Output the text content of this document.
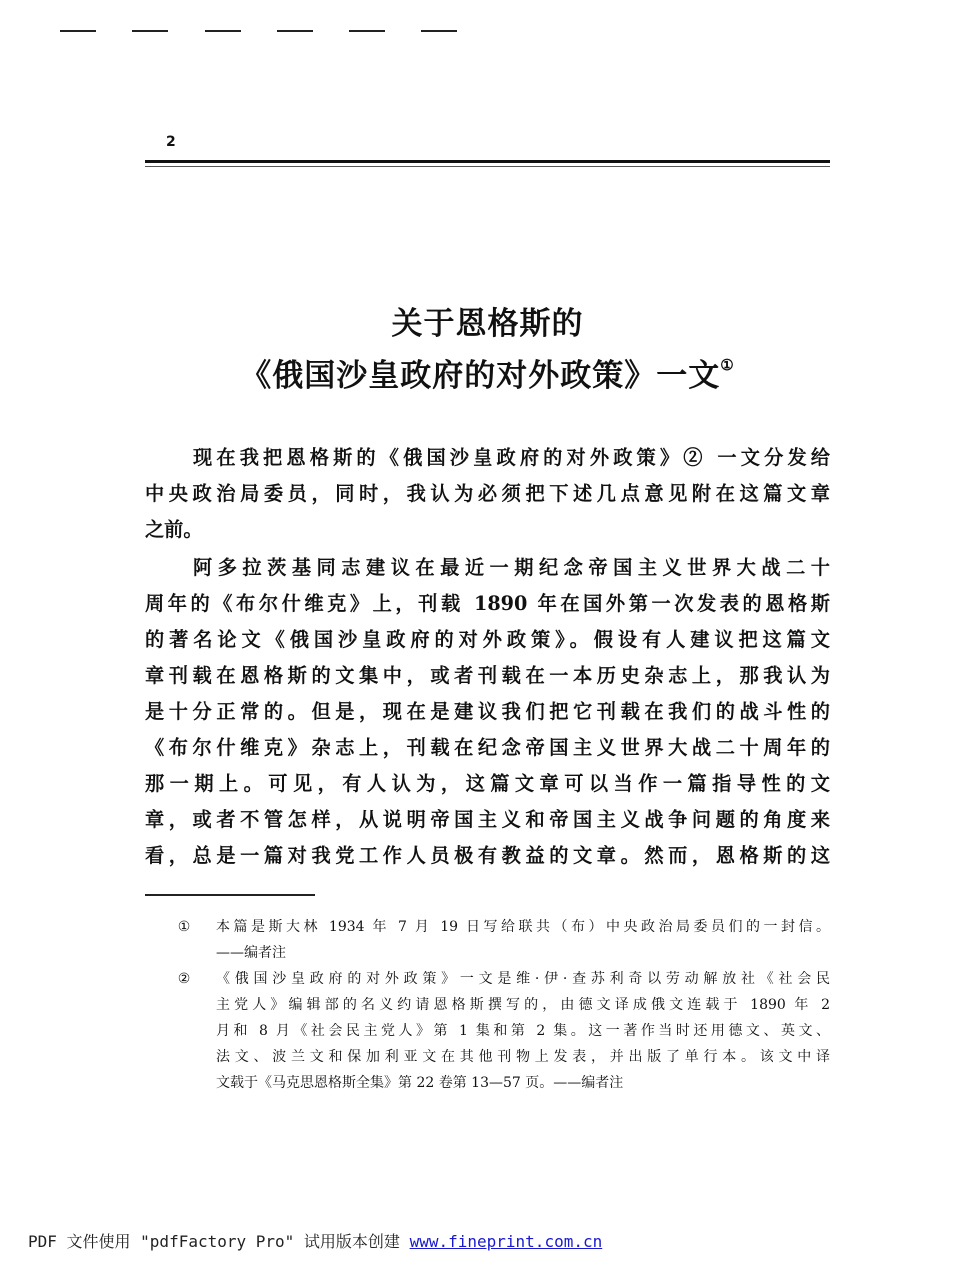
2
关于恩格斯的
《俄国沙皇政府的对外政策》一文①
现在我把恩格斯的《俄国沙皇政府的对外政策》② 一文分发给
中央政治局委员，同时，我认为必须把下述几点意见附在这篇文章
之前。
阿多拉茨基同志建议在最近一期纪念帝国主义世界大战二十
周年的《布尔什维克》上，刊载 1890 年在国外第一次发表的恩格斯
的著名论文《俄国沙皇政府的对外政策》。假设有人建议把这篇文
章刊载在恩格斯的文集中，或者刊载在一本历史杂志上，那我认为
是十分正常的。但是，现在是建议我们把它刊载在我们的战斗性的
《布尔什维克》杂志上，刊载在纪念帝国主义世界大战二十周年的
那一期上。可见，有人认为，这篇文章可以当作一篇指导性的文
章，或者不管怎样，从说明帝国主义和帝国主义战争问题的角度来
看，总是一篇对我党工作人员极有教益的文章。然而，恩格斯的这
①	本篇是斯大林 1934 年 7 月 19 日写给联共（布）中央政治局委员们的一封信。
——编者注
②	《俄国沙皇政府的对外政策》一文是维·伊·查苏利奇以劳动解放社《社会民
主党人》编辑部的名义约请恩格斯撰写的，由德文译成俄文连载于 1890 年 2
月和 8 月《社会民主党人》第 1 集和第 2 集。这一著作当时还用德文、英文、
法文、波兰文和保加利亚文在其他刊物上发表，并出版了单行本。该文中译
文载于《马克思恩格斯全集》第 22 卷第 13—57 页。——编者注
PDF 文件使用 "pdfFactory Pro" 试用版本创建 www.fineprint.com.cn
